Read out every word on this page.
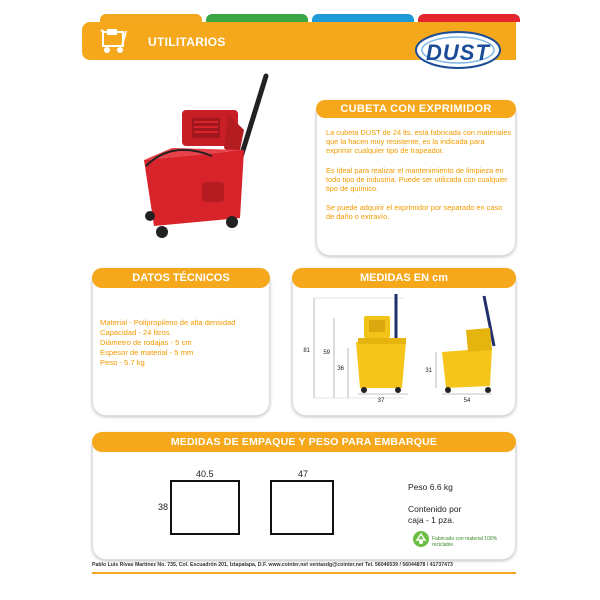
UTILITARIOS	DUST
CUBETA CON EXPRIMIDOR

La cubeta DUST de 24 lts. está fabricada con materiales que la hacen muy resistente, es la indicada para exprimir cualquier tipo de trapeador.

Es ideal para realizar el mantenimiento de limpieza en todo tipo de industria. Puede ser utilizada con cualquier tipo de químico.

Se puede adquirir el exprimidor por separado en caso de daño o extravío.

DATOS TÉCNICOS
Material - Polipropileno de alta densidad
Capacidad - 24 litros
Diámetro de rodajas - 5 cm
Espesor de material - 5 mm
Peso - 5.7 kg
MEDIDAS EN cm
81 59
36
37
31
54
MEDIDAS DE EMPAQUE Y PESO PARA EMBARQUE
40.5
38
47
Peso 6.6 kg
Contenido por caja - 1 pza.
Fabricado con material 100% reciclable
Pablo Luis Rivas Martínez No. 735, Col. Escuadrón 201, Iztapalapa, D.F. www.cointer.net ventasdg@cointer.net Tel. 56046539 / 56044878 / 41737473
